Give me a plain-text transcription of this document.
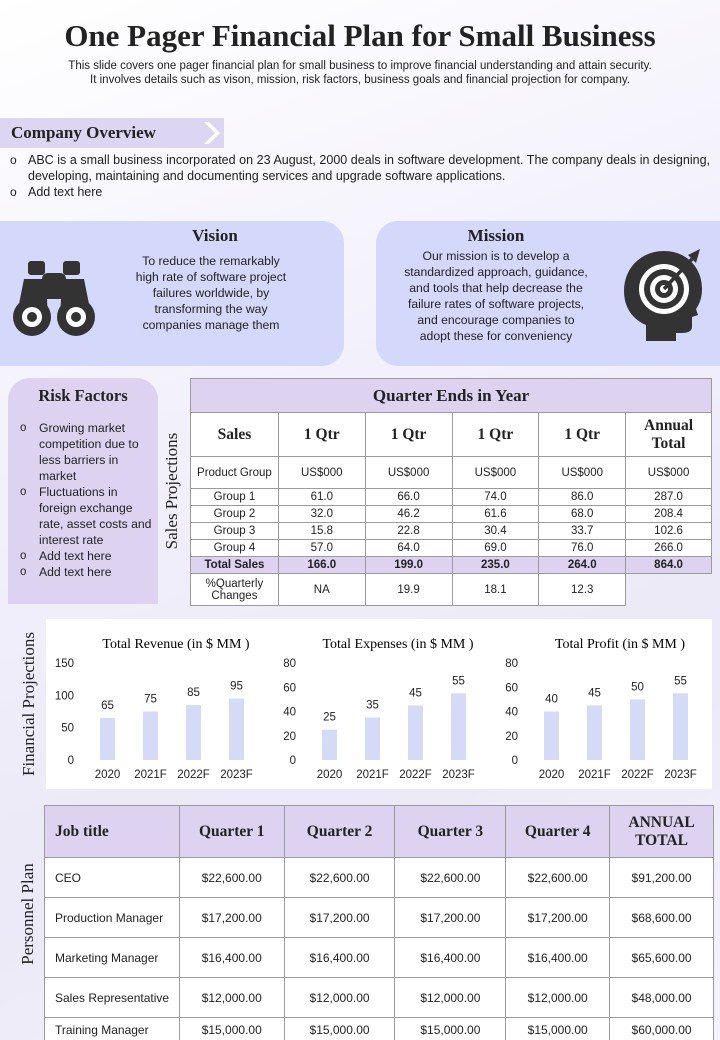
One Pager Financial Plan for Small Business
This slide covers one pager financial plan for small business to improve financial understanding and attain security.
It involves details such as vison, mission, risk factors, business goals and financial projection for company.
Company Overview
o ABC is a small business incorporated on 23 August, 2000 deals in software development. The company deals in designing, developing, maintaining and documenting services and upgrade software applications.
o Add text here
Vision
To reduce the remarkably high rate of software project failures worldwide, by transforming the way companies manage them
Mission
Our mission is to develop a standardized approach, guidance, and tools that help decrease the failure rates of software projects, and encourage companies to adopt these for conveniency
Risk Factors
o Growing market competition due to less barriers in market
o Fluctuations in foreign exchange rate, asset costs and interest rate
o Add text here
o Add text here
Sales Projections
Quarter Ends in Year					
Sales	1 Qtr	1 Qtr	1 Qtr	1 Qtr	Annual Total
Product Group	US$000	US$000	US$000	US$000	US$000
Group 1	61.0	66.0	74.0	86.0	287.0
Group 2	32.0	46.2	61.6	68.0	208.4
Group 3	15.8	22.8	30.4	33.7	102.6
Group 4	57.0	64.0	69.0	76.0	266.0
Total Sales	166.0	199.0	235.0	264.0	864.0
%Quarterly Changes	NA	19.9	18.1	12.3	
Financial Projections	Total Revenue (in $ MM )
0
50
100
150
65
2020
75
2021F
85
2022F
95
2023F
Total Expenses (in $ MM )
0
20
40
60
80
25
2020
35
2021F
45
2022F
55
2023F
Total Profit (in $ MM )
0
20
40
60
80
40
2020
45
2021F
50
2022F
55
2023F
Personnel Plan
Job title	Quarter 1	Quarter 2	Quarter 3	Quarter 4	ANNUAL TOTAL
CEO	$22,600.00	$22,600.00	$22,600.00	$22,600.00	$91,200.00
Production Manager	$17,200.00	$17,200.00	$17,200.00	$17,200.00	$68,600.00
Marketing Manager	$16,400.00	$16,400.00	$16,400.00	$16,400.00	$65,600.00
Sales Representative	$12,000.00	$12,000.00	$12,000.00	$12,000.00	$48,000.00
Training Manager	$15,000.00	$15,000.00	$15,000.00	$15,000.00	$60,000.00
